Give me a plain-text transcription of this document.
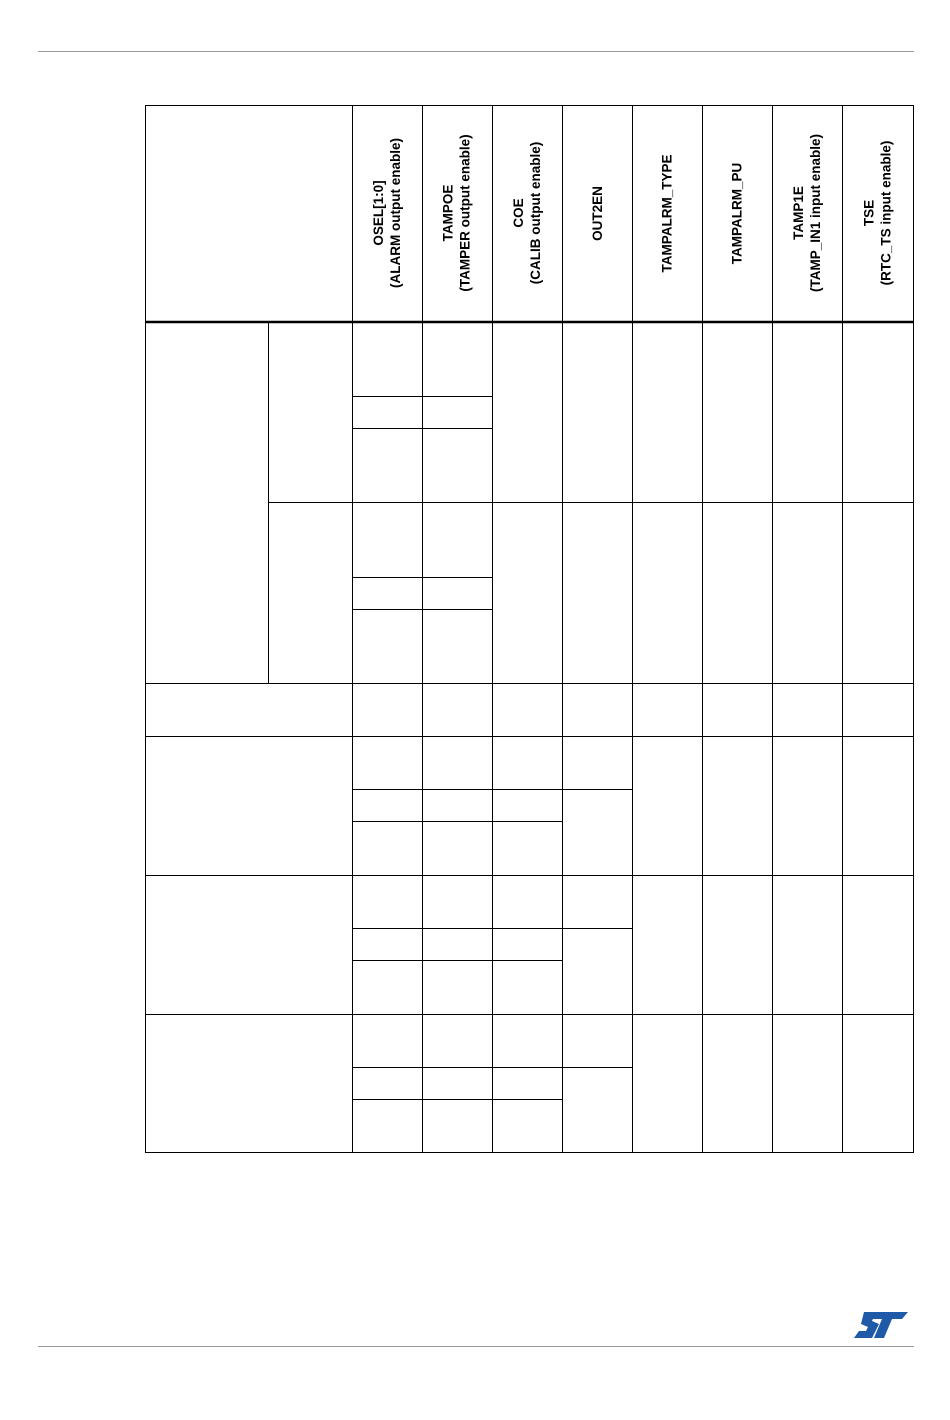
OSEL[1:0] (ALARM output enable)	TAMPOE (TAMPER output enable)	COE (CALIB output enable)	OUT2EN	TAMPALRM_TYPE	TAMPALRM_PU	TAMP1E (TAMP_IN1 input enable)	TSE (RTC_TS input enable)
